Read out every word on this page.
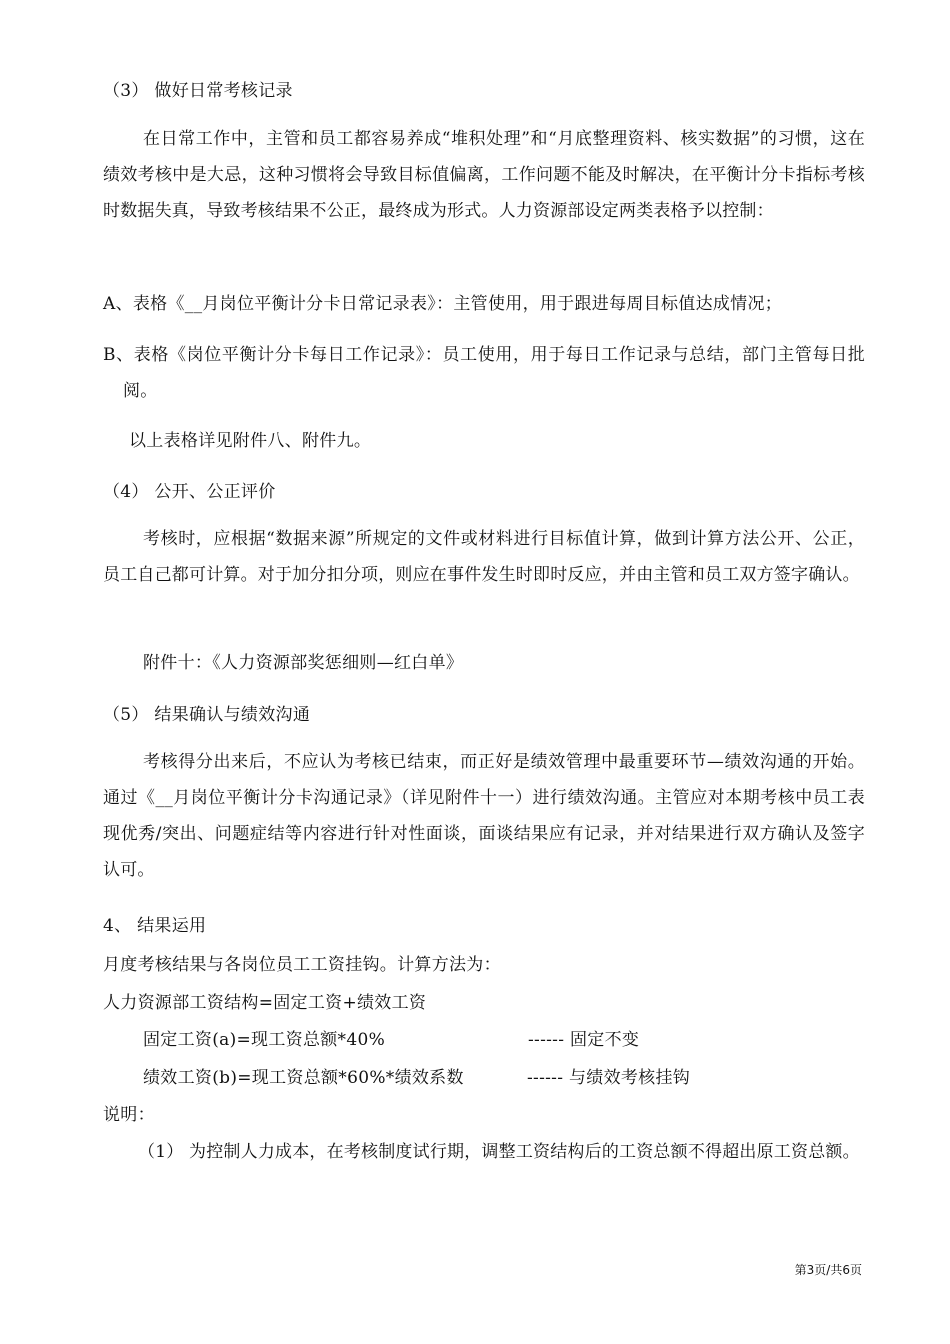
（3） 做好日常考核记录
在日常工作中，主管和员工都容易养成“堆积处理”和“月底整理资料、核实数据”的习惯，这在绩效考核中是大忌，这种习惯将会导致目标值偏离，工作问题不能及时解决，在平衡计分卡指标考核时数据失真，导致考核结果不公正，最终成为形式。人力资源部设定两类表格予以控制：
A、表格《__月岗位平衡计分卡日常记录表》：主管使用，用于跟进每周目标值达成情况；
B、表格《岗位平衡计分卡每日工作记录》：员工使用，用于每日工作记录与总结，部门主管每日批阅。
以上表格详见附件八、附件九。
（4） 公开、公正评价
考核时，应根据“数据来源”所规定的文件或材料进行目标值计算，做到计算方法公开、公正，员工自己都可计算。对于加分扣分项，则应在事件发生时即时反应，并由主管和员工双方签字确认。
附件十：《人力资源部奖惩细则—红白单》
（5） 结果确认与绩效沟通
考核得分出来后，不应认为考核已结束，而正好是绩效管理中最重要环节—绩效沟通的开始。通过《__月岗位平衡计分卡沟通记录》（详见附件十一）进行绩效沟通。主管应对本期考核中员工表现优秀/突出、问题症结等内容进行针对性面谈，面谈结果应有记录，并对结果进行双方确认及签字认可。
4、 结果运用
月度考核结果与各岗位员工工资挂钩。计算方法为：
人力资源部工资结构=固定工资+绩效工资
固定工资(a)=现工资总额*40%	------ 固定不变
绩效工资(b)=现工资总额*60%*绩效系数	------ 与绩效考核挂钩
说明：
（1） 为控制人力成本，在考核制度试行期，调整工资结构后的工资总额不得超出原工资总额。
第3页/共6页
